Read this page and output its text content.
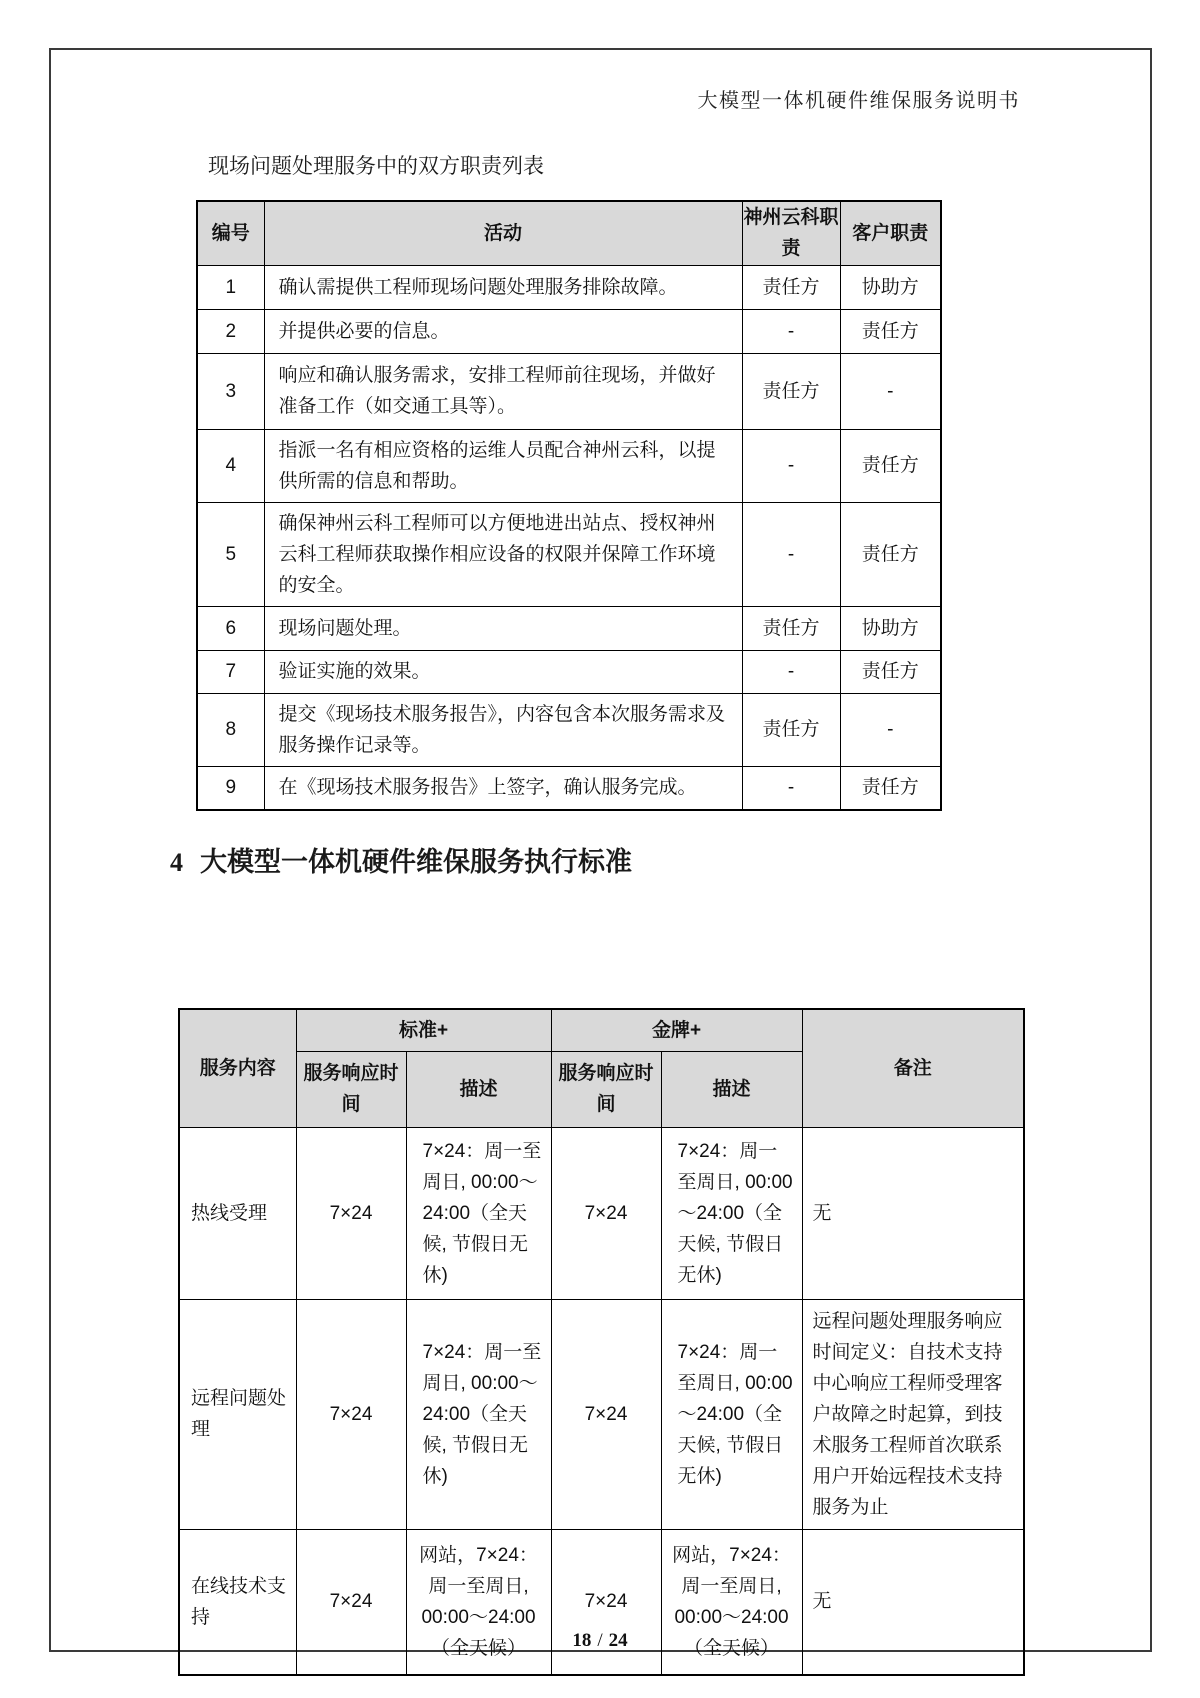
大模型一体机硬件维保服务说明书
现场问题处理服务中的双方职责列表
编号	活动	神州云科职责	客户职责
1	确认需提供工程师现场问题处理服务排除故障。	责任方	协助方
2	并提供必要的信息。	-	责任方
3	响应和确认服务需求，安排工程师前往现场，并做好准备工作（如交通工具等）。	责任方	-
4	指派一名有相应资格的运维人员配合神州云科，以提供所需的信息和帮助。	-	责任方
5	确保神州云科工程师可以方便地进出站点、授权神州云科工程师获取操作相应设备的权限并保障工作环境的安全。	-	责任方
6	现场问题处理。	责任方	协助方
7	验证实施的效果。	-	责任方
8	提交《现场技术服务报告》，内容包含本次服务需求及服务操作记录等。	责任方	-
9	在《现场技术服务报告》上签字，确认服务完成。	-	责任方
4 大模型一体机硬件维保服务执行标准
服务内容	标准+		金牌+		备注
	服务响应时间	描述	服务响应时间	描述	
热线受理	7×24	7×24：周一至周日, 00:00～24:00（全天候, 节假日无休)	7×24	7×24：周一至周日, 00:00～24:00（全天候, 节假日无休)	无
远程问题处理	7×24	7×24：周一至周日, 00:00～24:00（全天候, 节假日无休)	7×24	7×24：周一至周日, 00:00～24:00（全天候, 节假日无休)	远程问题处理服务响应时间定义：自技术支持中心响应工程师受理客户故障之时起算，到技术服务工程师首次联系用户开始远程技术支持服务为止
在线技术支持	7×24	网站，7×24：周一至周日, 00:00～24:00（全天候）	7×24	网站，7×24：周一至周日, 00:00～24:00（全天候）	无
18 / 24
